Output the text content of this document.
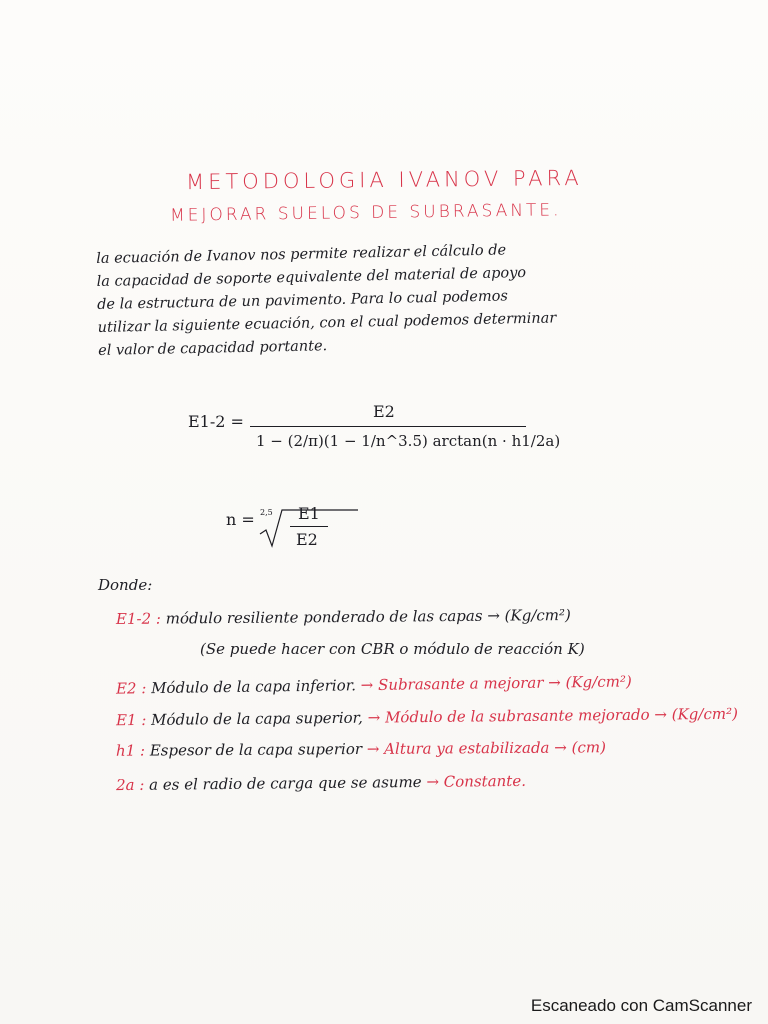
METODOLOGIA IVANOV PARA
MEJORAR SUELOS DE SUBRASANTE.
la ecuación de Ivanov nos permite realizar el cálculo de
la capacidad de soporte equivalente del material de apoyo
de la estructura de un pavimento. Para lo cual podemos
utilizar la siguiente ecuación, con el cual podemos determinar
el valor de capacidad portante.
E1-2 =
E2
1 − (2/π)(1 − 1/n^3.5) arctan(n · h1/2a)
n = 2,5 E1
E2
Donde:
E1-2 : módulo resiliente ponderado de las capas → (Kg/cm²)
(Se puede hacer con CBR o módulo de reacción K)
E2 : Módulo de la capa inferior. → Subrasante a mejorar → (Kg/cm²)
E1 : Módulo de la capa superior, → Módulo de la subrasante mejorado → (Kg/cm²)
h1 : Espesor de la capa superior → Altura ya estabilizada → (cm)
2a : a es el radio de carga que se asume → Constante.
Escaneado con CamScanner
